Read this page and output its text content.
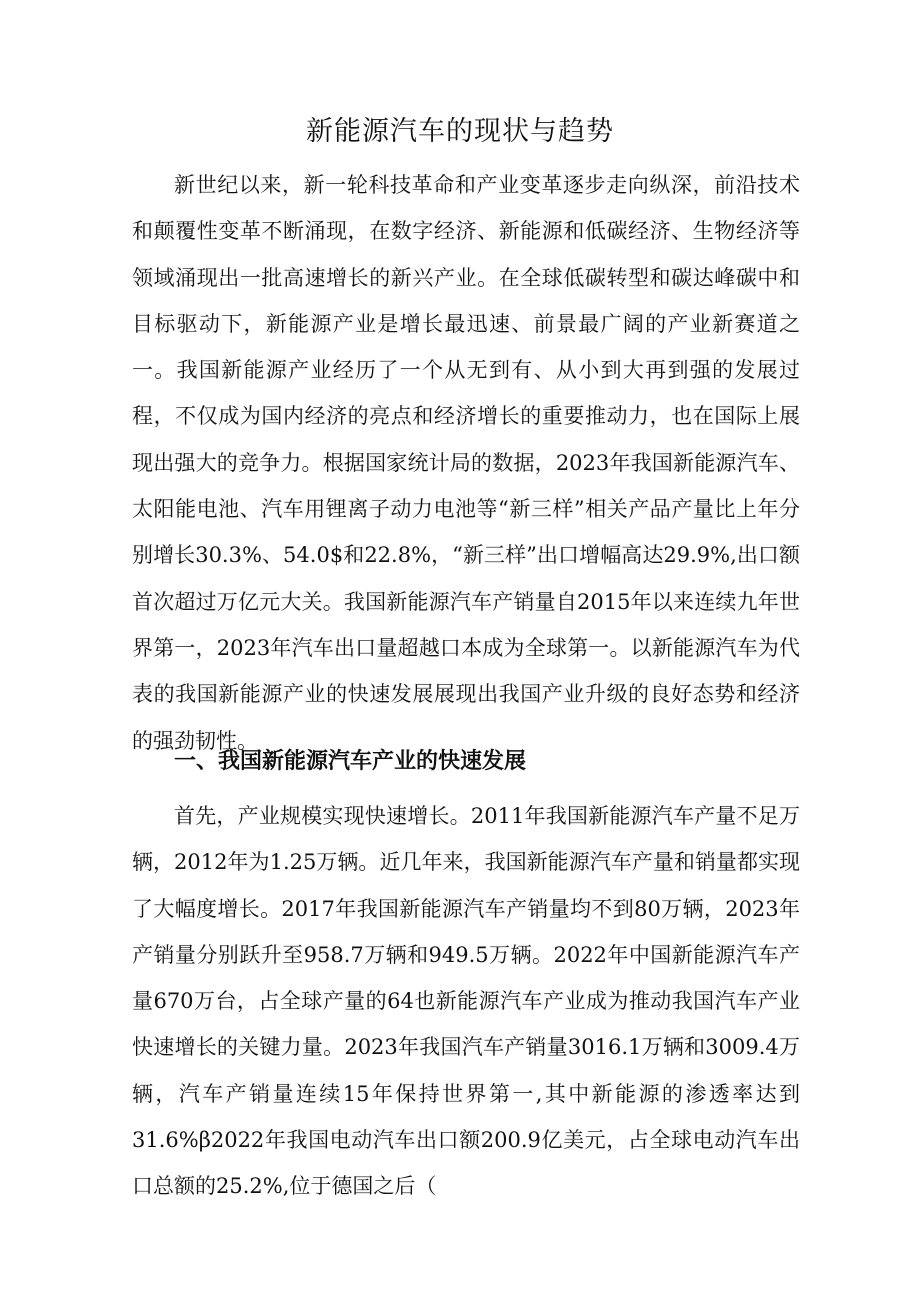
新能源汽车的现状与趋势

新世纪以来，新一轮科技革命和产业变革逐步走向纵深，前沿技术和颠覆性变革不断涌现，在数字经济、新能源和低碳经济、生物经济等领域涌现出一批高速增长的新兴产业。在全球低碳转型和碳达峰碳中和目标驱动下，新能源产业是增长最迅速、前景最广阔的产业新赛道之一。我国新能源产业经历了一个从无到有、从小到大再到强的发展过程，不仅成为国内经济的亮点和经济增长的重要推动力，也在国际上展现出强大的竞争力。根据国家统计局的数据，2023年我国新能源汽车、太阳能电池、汽车用锂离子动力电池等“新三样”相关产品产量比上年分别增长30.3%、54.0$和22.8%，“新三样”出口增幅高达29.9%,出口额首次超过万亿元大关。我国新能源汽车产销量自2015年以来连续九年世界第一，2023年汽车出口量超越口本成为全球第一。以新能源汽车为代表的我国新能源产业的快速发展展现出我国产业升级的良好态势和经济的强劲韧性。

一、我国新能源汽车产业的快速发展

首先，产业规模实现快速增长。2011年我国新能源汽车产量不足万辆，2012年为1.25万辆。近几年来，我国新能源汽车产量和销量都实现了大幅度增长。2017年我国新能源汽车产销量均不到80万辆，2023年产销量分别跃升至958.7万辆和949.5万辆。2022年中国新能源汽车产量670万台，占全球产量的64也新能源汽车产业成为推动我国汽车产业快速增长的关键力量。2023年我国汽车产销量3016.1万辆和3009.4万辆，汽车产销量连续15年保持世界第一,其中新能源的渗透率达到31.6%β2022年我国电动汽车出口额200.9亿美元，占全球电动汽车出口总额的25.2%,位于德国之后（
